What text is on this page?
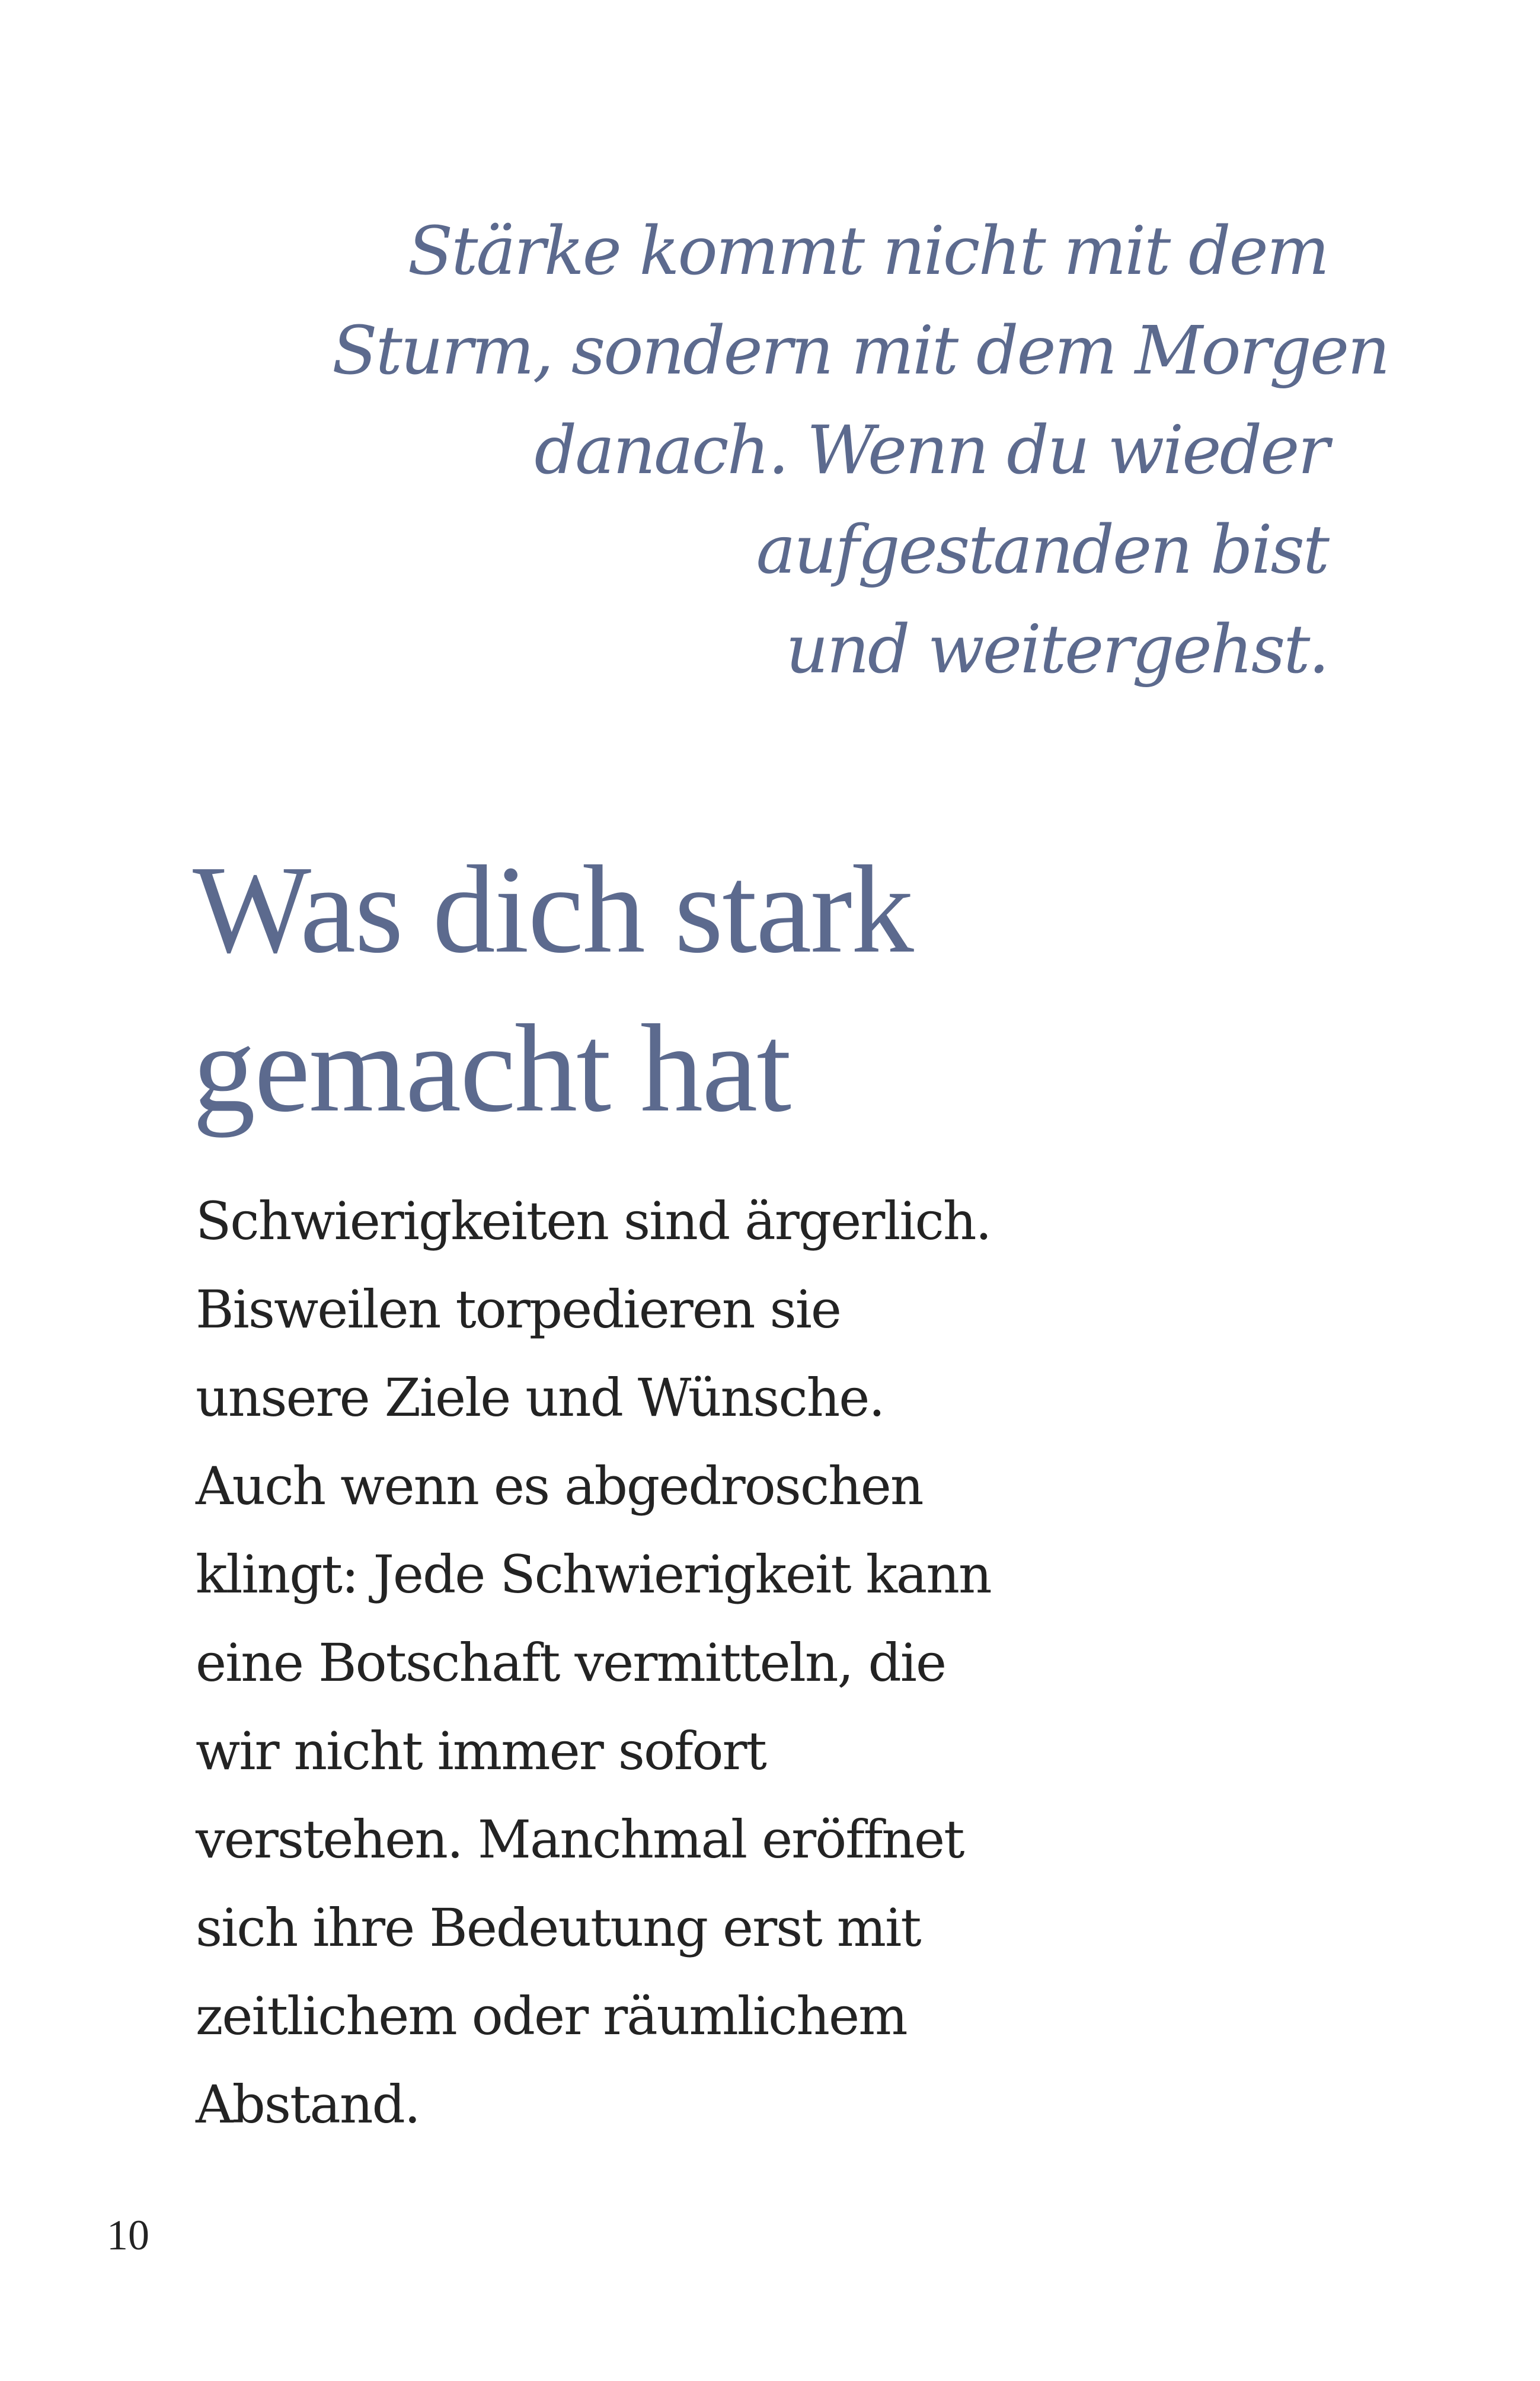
Stärke kommt nicht mit dem
Sturm, sondern mit dem Morgen
danach. Wenn du wieder
aufgestanden bist
und weitergehst.
Was dich stark
gemacht hat
Schwierigkeiten sind ärgerlich.
Bisweilen torpedieren sie
unsere Ziele und Wünsche.
Auch wenn es abgedroschen
klingt: Jede Schwierigkeit kann
eine Botschaft vermitteln, die
wir nicht immer sofort
verstehen. Manchmal eröffnet
sich ihre Bedeutung erst mit
zeitlichem oder räumlichem
Abstand.
10
